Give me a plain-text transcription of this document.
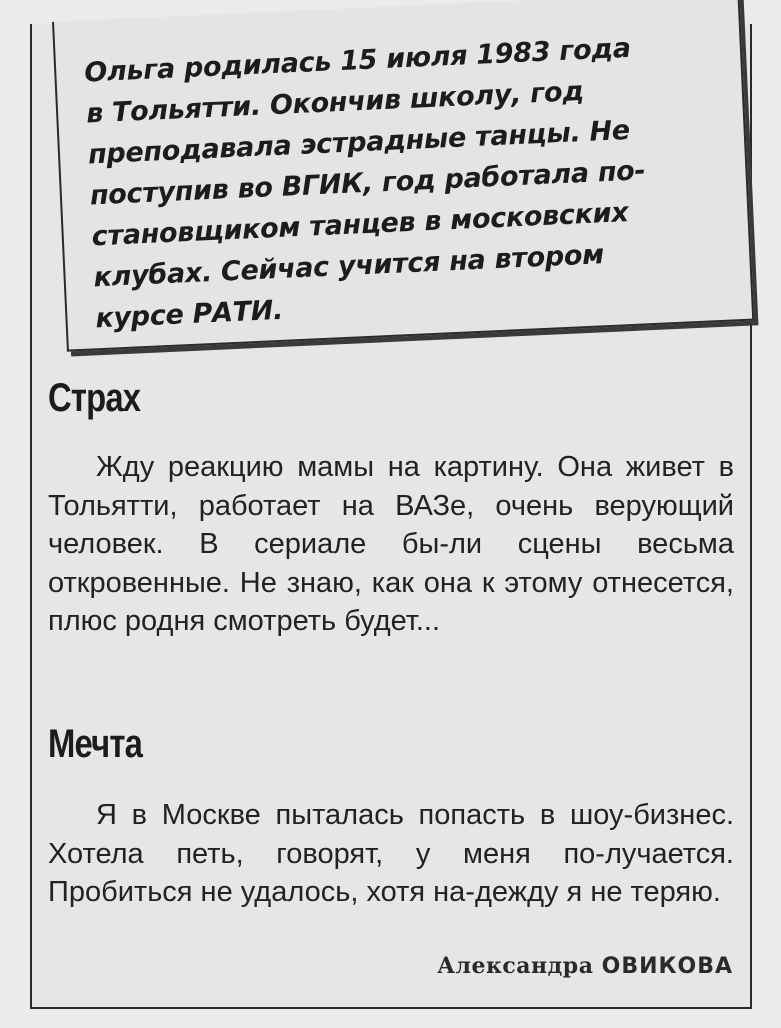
Ольга родилась 15 июля 1983 года
в Тольятти. Окончив школу, год
преподавала эстрадные танцы. Не
поступив во ВГИК, год работала по-
становщиком танцев в московских
клубах. Сейчас учится на втором
курсе РАТИ.

Страх

Жду реакцию мамы на картину. Она живет в Тольятти, работает на ВАЗе, очень верующий человек. В сериале бы-ли сцены весьма откровенные. Не знаю, как она к этому отнесется, плюс родня смотреть будет...

Мечта

Я в Москве пыталась попасть в шоу-бизнес. Хотела петь, говорят, у меня по-лучается. Пробиться не удалось, хотя на-дежду я не теряю.

Александра ОВИКОВА
